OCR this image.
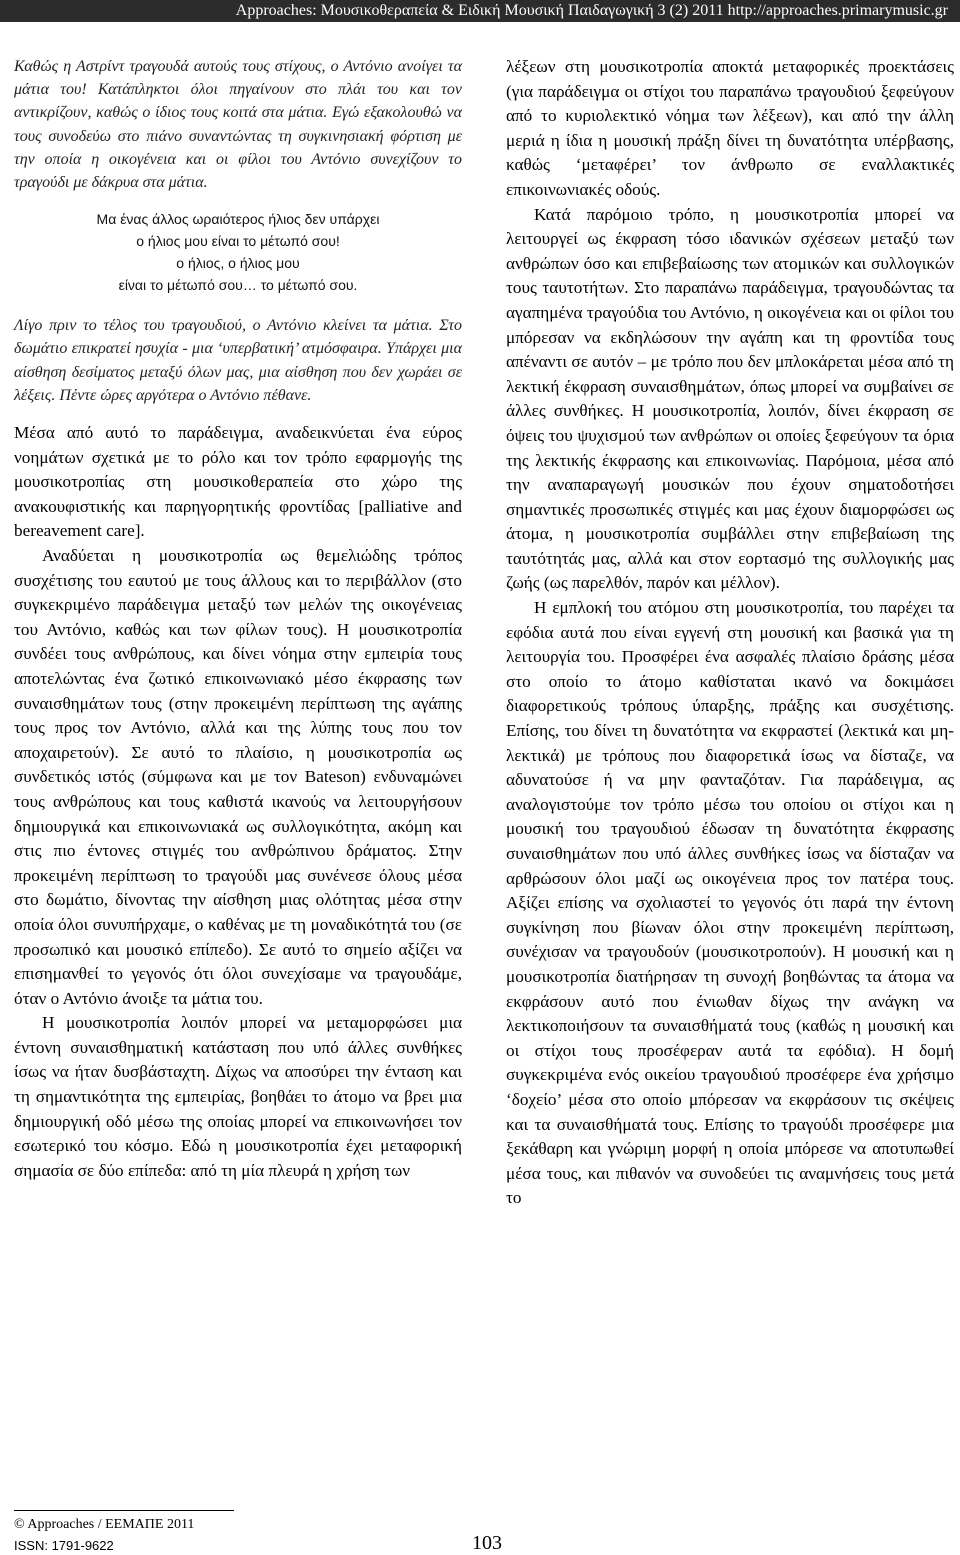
Approaches: Μουσικοθεραπεία & Ειδική Μουσική Παιδαγωγική 3 (2) 2011 http://approaches.primarymusic.gr

Καθώς η Αστρίντ τραγουδά αυτούς τους στίχους, ο Αντόνιο ανοίγει τα μάτια του! Κατάπληκτοι όλοι πηγαίνουν στο πλάι του και τον αντικρίζουν, καθώς ο ίδιος τους κοιτά στα μάτια. Εγώ εξακολουθώ να τους συνοδεύω στο πιάνο συναντώντας τη συγκινησιακή φόρτιση με την οποία η οικογένεια και οι φίλοι του Αντόνιο συνεχίζουν το τραγούδι με δάκρυα στα μάτια.

Μα ένας άλλος ωραιότερος ήλιος δεν υπάρχει
ο ήλιος μου είναι το μέτωπό σου!
ο ήλιος, ο ήλιος μου
είναι το μέτωπό σου… το μέτωπό σου.

Λίγο πριν το τέλος του τραγουδιού, ο Αντόνιο κλείνει τα μάτια. Στο δωμάτιο επικρατεί ησυχία - μια ‘υπερβατική’ ατμόσφαιρα. Υπάρχει μια αίσθηση δεσίματος μεταξύ όλων μας, μια αίσθηση που δεν χωράει σε λέξεις. Πέντε ώρες αργότερα ο Αντόνιο πέθανε.

Μέσα από αυτό το παράδειγμα, αναδεικνύεται ένα εύρος νοημάτων σχετικά με το ρόλο και τον τρόπο εφαρμογής της μουσικοτροπίας στη μουσικοθεραπεία στο χώρο της ανακουφιστικής και παρηγορητικής φροντίδας [palliative and bereavement care].

Αναδύεται η μουσικοτροπία ως θεμελιώδης τρόπος συσχέτισης του εαυτού με τους άλλους και το περιβάλλον (στο συγκεκριμένο παράδειγμα μεταξύ των μελών της οικογένειας του Αντόνιο, καθώς και των φίλων τους). Η μουσικοτροπία συνδέει τους ανθρώπους, και δίνει νόημα στην εμπειρία τους αποτελώντας ένα ζωτικό επικοινωνιακό μέσο έκφρασης των συναισθημάτων τους (στην προκειμένη περίπτωση της αγάπης τους προς τον Αντόνιο, αλλά και της λύπης τους που τον αποχαιρετούν). Σε αυτό το πλαίσιο, η μουσικοτροπία ως συνδετικός ιστός (σύμφωνα και με τον Bateson) ενδυναμώνει τους ανθρώπους και τους καθιστά ικανούς να λειτουργήσουν δημιουργικά και επικοινωνιακά ως συλλογικότητα, ακόμη και στις πιο έντονες στιγμές του ανθρώπινου δράματος. Στην προκειμένη περίπτωση το τραγούδι μας συνένεσε όλους μέσα στο δωμάτιο, δίνοντας την αίσθηση μιας ολότητας μέσα στην οποία όλοι συνυπήρχαμε, ο καθένας με τη μοναδικότητά του (σε προσωπικό και μουσικό επίπεδο). Σε αυτό το σημείο αξίζει να επισημανθεί το γεγονός ότι όλοι συνεχίσαμε να τραγουδάμε, όταν ο Αντόνιο άνοιξε τα μάτια του.

Η μουσικοτροπία λοιπόν μπορεί να μεταμορφώσει μια έντονη συναισθηματική κατάσταση που υπό άλλες συνθήκες ίσως να ήταν δυσβάσταχτη. Δίχως να αποσύρει την ένταση και τη σημαντικότητα της εμπειρίας, βοηθάει το άτομο να βρει μια δημιουργική οδό μέσω της οποίας μπορεί να επικοινωνήσει τον εσωτερικό του κόσμο. Εδώ η μουσικοτροπία έχει μεταφορική σημασία σε δύο επίπεδα: από τη μία πλευρά η χρήση των

λέξεων στη μουσικοτροπία αποκτά μεταφορικές προεκτάσεις (για παράδειγμα οι στίχοι του παραπάνω τραγουδιού ξεφεύγουν από το κυριολεκτικό νόημα των λέξεων), και από την άλλη μεριά η ίδια η μουσική πράξη δίνει τη δυνατότητα υπέρβασης, καθώς ‘μεταφέρει’ τον άνθρωπο σε εναλλακτικές επικοινωνιακές οδούς.

Κατά παρόμοιο τρόπο, η μουσικοτροπία μπορεί να λειτουργεί ως έκφραση τόσο ιδανικών σχέσεων μεταξύ των ανθρώπων όσο και επιβεβαίωσης των ατομικών και συλλογικών τους ταυτοτήτων. Στο παραπάνω παράδειγμα, τραγουδώντας τα αγαπημένα τραγούδια του Αντόνιο, η οικογένεια και οι φίλοι του μπόρεσαν να εκδηλώσουν την αγάπη και τη φροντίδα τους απέναντι σε αυτόν – με τρόπο που δεν μπλοκάρεται μέσα από τη λεκτική έκφραση συναισθημάτων, όπως μπορεί να συμβαίνει σε άλλες συνθήκες. Η μουσικοτροπία, λοιπόν, δίνει έκφραση σε όψεις του ψυχισμού των ανθρώπων οι οποίες ξεφεύγουν τα όρια της λεκτικής έκφρασης και επικοινωνίας. Παρόμοια, μέσα από την αναπαραγωγή μουσικών που έχουν σηματοδοτήσει σημαντικές προσωπικές στιγμές και μας έχουν διαμορφώσει ως άτομα, η μουσικοτροπία συμβάλλει στην επιβεβαίωση της ταυτότητάς μας, αλλά και στον εορτασμό της συλλογικής μας ζωής (ως παρελθόν, παρόν και μέλλον).

Η εμπλοκή του ατόμου στη μουσικοτροπία, του παρέχει τα εφόδια αυτά που είναι εγγενή στη μουσική και βασικά για τη λειτουργία του. Προσφέρει ένα ασφαλές πλαίσιο δράσης μέσα στο οποίο το άτομο καθίσταται ικανό να δοκιμάσει διαφορετικούς τρόπους ύπαρξης, πράξης και συσχέτισης. Επίσης, του δίνει τη δυνατότητα να εκφραστεί (λεκτικά και μη-λεκτικά) με τρόπους που διαφορετικά ίσως να δίσταζε, να αδυνατούσε ή να μην φανταζόταν. Για παράδειγμα, ας αναλογιστούμε τον τρόπο μέσω του οποίου οι στίχοι και η μουσική του τραγουδιού έδωσαν τη δυνατότητα έκφρασης συναισθημάτων που υπό άλλες συνθήκες ίσως να δίσταζαν να αρθρώσουν όλοι μαζί ως οικογένεια προς τον πατέρα τους. Αξίζει επίσης να σχολιαστεί το γεγονός ότι παρά την έντονη συγκίνηση που βίωναν όλοι στην προκειμένη περίπτωση, συνέχισαν να τραγουδούν (μουσικοτροπούν). Η μουσική και η μουσικοτροπία διατήρησαν τη συνοχή βοηθώντας τα άτομα να εκφράσουν αυτό που ένιωθαν δίχως την ανάγκη να λεκτικοποιήσουν τα συναισθήματά τους (καθώς η μουσική και οι στίχοι τους προσέφεραν αυτά τα εφόδια). Η δομή συγκεκριμένα ενός οικείου τραγουδιού προσέφερε ένα χρήσιμο ‘δοχείο’ μέσα στο οποίο μπόρεσαν να εκφράσουν τις σκέψεις και τα συναισθήματά τους. Επίσης το τραγούδι προσέφερε μια ξεκάθαρη και γνώριμη μορφή η οποία μπόρεσε να αποτυπωθεί μέσα τους, και πιθανόν να συνοδεύει τις αναμνήσεις τους μετά το

© Approaches / ΕΕΜΑΠΕ 2011
ISSN: 1791-9622	103
